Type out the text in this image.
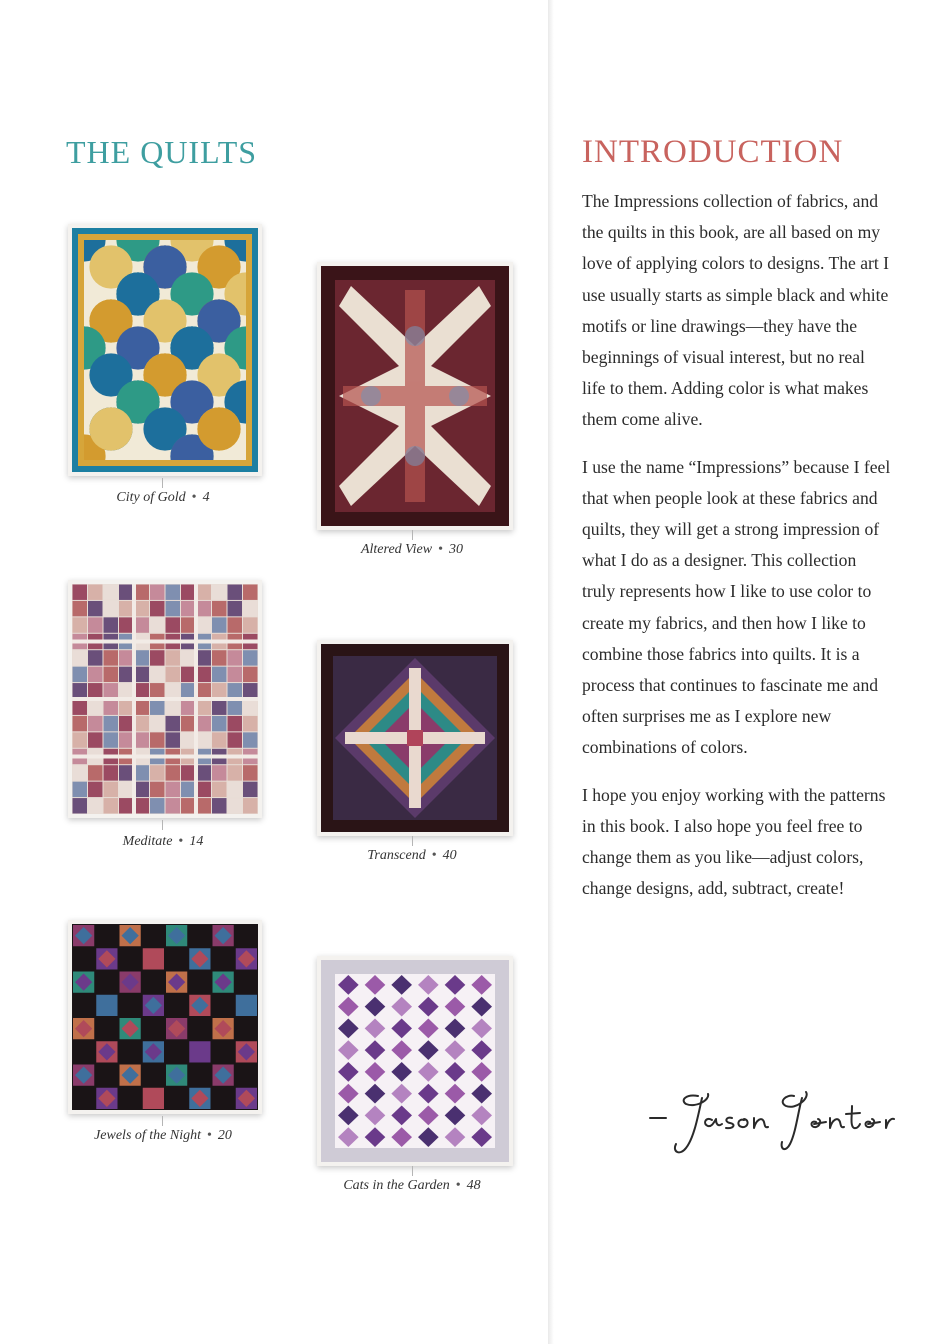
THE QUILTS	INTRODUCTION
City of Gold • 4
Altered View • 30
Meditate • 14
Transcend • 40
Jewels of the Night • 20
Cats in the Garden • 48

The Impressions collection of fabrics, and the quilts in this book, are all based on my love of applying colors to designs. The art I use usually starts as simple black and white motifs or line drawings—they have the beginnings of visual interest, but no real life to them. Adding color is what makes them come alive.

I use the name “Impressions” because I feel that when people look at these fabrics and quilts, they will get a strong impression of what I do as a designer. This collection truly represents how I like to use color to create my fabrics, and then how I like to combine those fabrics into quilts. It is a process that continues to fascinate me and often surprises me as I explore new combinations of colors.

I hope you enjoy working with the patterns in this book. I also hope you feel free to change them as you like—adjust colors, change designs, add, subtract, create!
